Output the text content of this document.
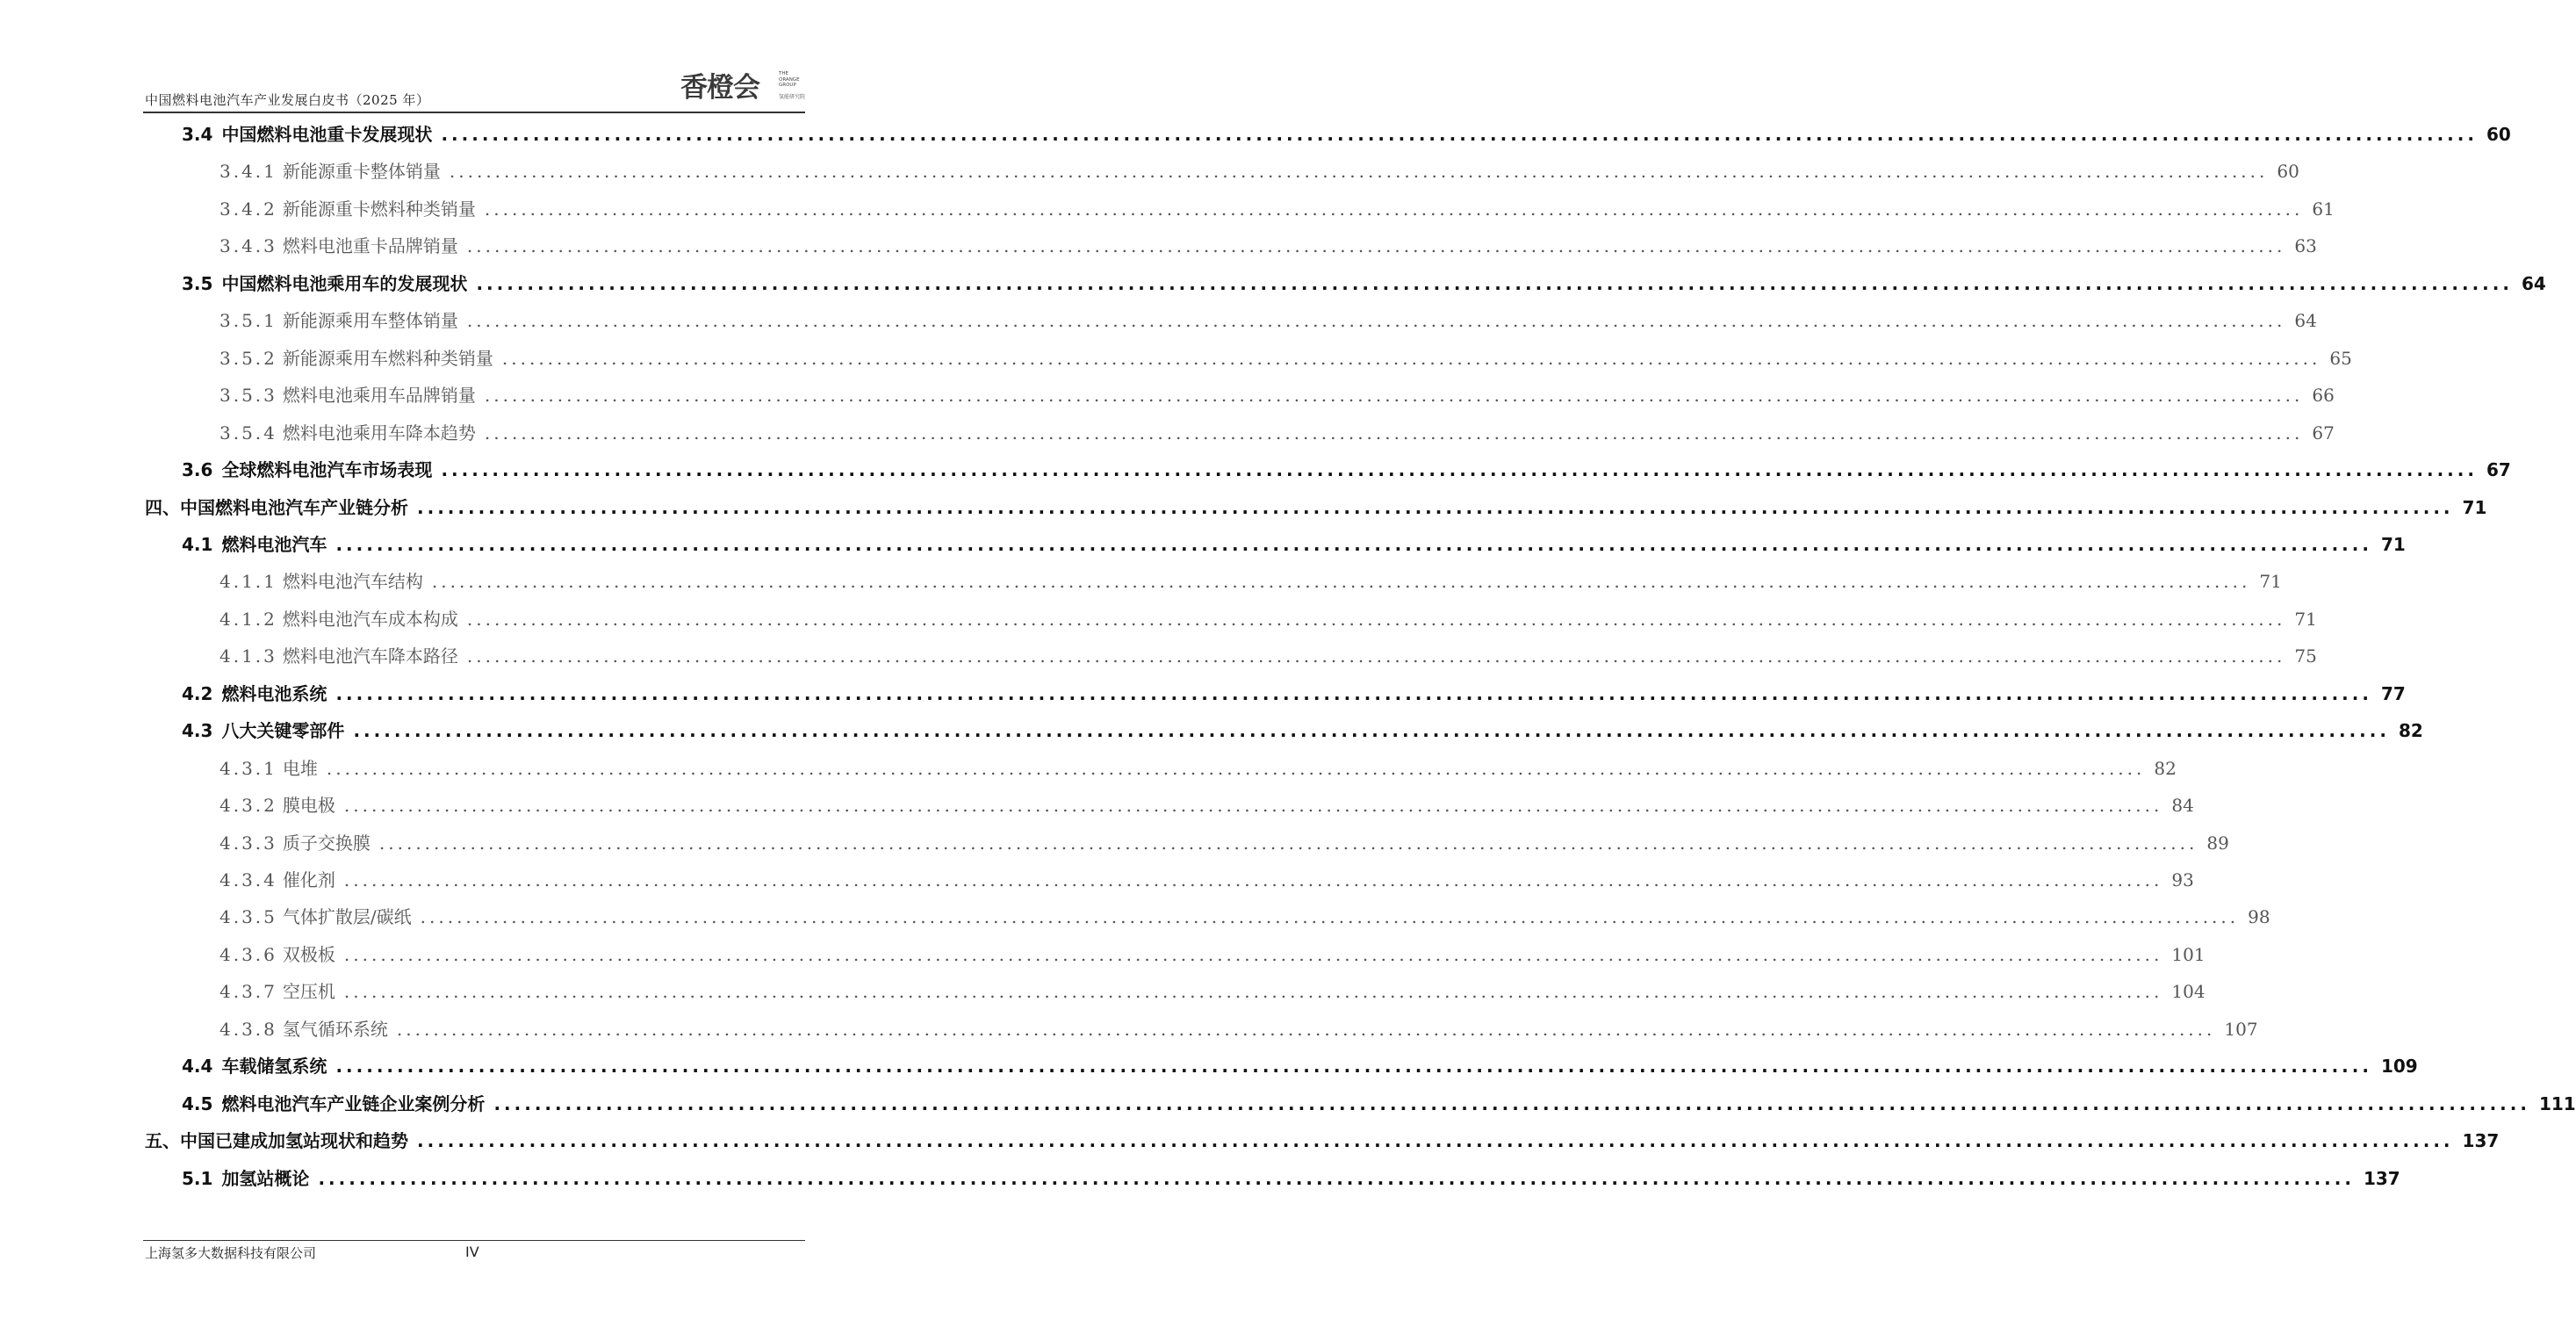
中国燃料电池汽车产业发展白皮书（2025 年）	香橙会	THE
ORANGE
GROUP
氢能研究院
3.4 中国燃料电池重卡发展现状 ........................................................................................................................................................................................................ 60
3.4.1 新能源重卡整体销量 ........................................................................................................................................................................................................ 60
3.4.2 新能源重卡燃料种类销量 ........................................................................................................................................................................................................ 61
3.4.3 燃料电池重卡品牌销量 ........................................................................................................................................................................................................ 63
3.5 中国燃料电池乘用车的发展现状 ........................................................................................................................................................................................................ 64
3.5.1 新能源乘用车整体销量 ........................................................................................................................................................................................................ 64
3.5.2 新能源乘用车燃料种类销量 ........................................................................................................................................................................................................ 65
3.5.3 燃料电池乘用车品牌销量 ........................................................................................................................................................................................................ 66
3.5.4 燃料电池乘用车降本趋势 ........................................................................................................................................................................................................ 67
3.6 全球燃料电池汽车市场表现 ........................................................................................................................................................................................................ 67
四、中国燃料电池汽车产业链分析 ........................................................................................................................................................................................................ 71
4.1 燃料电池汽车 ........................................................................................................................................................................................................ 71
4.1.1 燃料电池汽车结构 ........................................................................................................................................................................................................ 71
4.1.2 燃料电池汽车成本构成 ........................................................................................................................................................................................................ 71
4.1.3 燃料电池汽车降本路径 ........................................................................................................................................................................................................ 75
4.2 燃料电池系统 ........................................................................................................................................................................................................ 77
4.3 八大关键零部件 ........................................................................................................................................................................................................ 82
4.3.1 电堆 ........................................................................................................................................................................................................ 82
4.3.2 膜电极 ........................................................................................................................................................................................................ 84
4.3.3 质子交换膜 ........................................................................................................................................................................................................ 89
4.3.4 催化剂 ........................................................................................................................................................................................................ 93
4.3.5 气体扩散层/碳纸 ........................................................................................................................................................................................................ 98
4.3.6 双极板 ........................................................................................................................................................................................................ 101
4.3.7 空压机 ........................................................................................................................................................................................................ 104
4.3.8 氢气循环系统 ........................................................................................................................................................................................................ 107
4.4 车载储氢系统 ........................................................................................................................................................................................................ 109
4.5 燃料电池汽车产业链企业案例分析 ........................................................................................................................................................................................................ 111
五、中国已建成加氢站现状和趋势 ........................................................................................................................................................................................................ 137
5.1 加氢站概论 ........................................................................................................................................................................................................ 137
上海氢多大数据科技有限公司	IV
